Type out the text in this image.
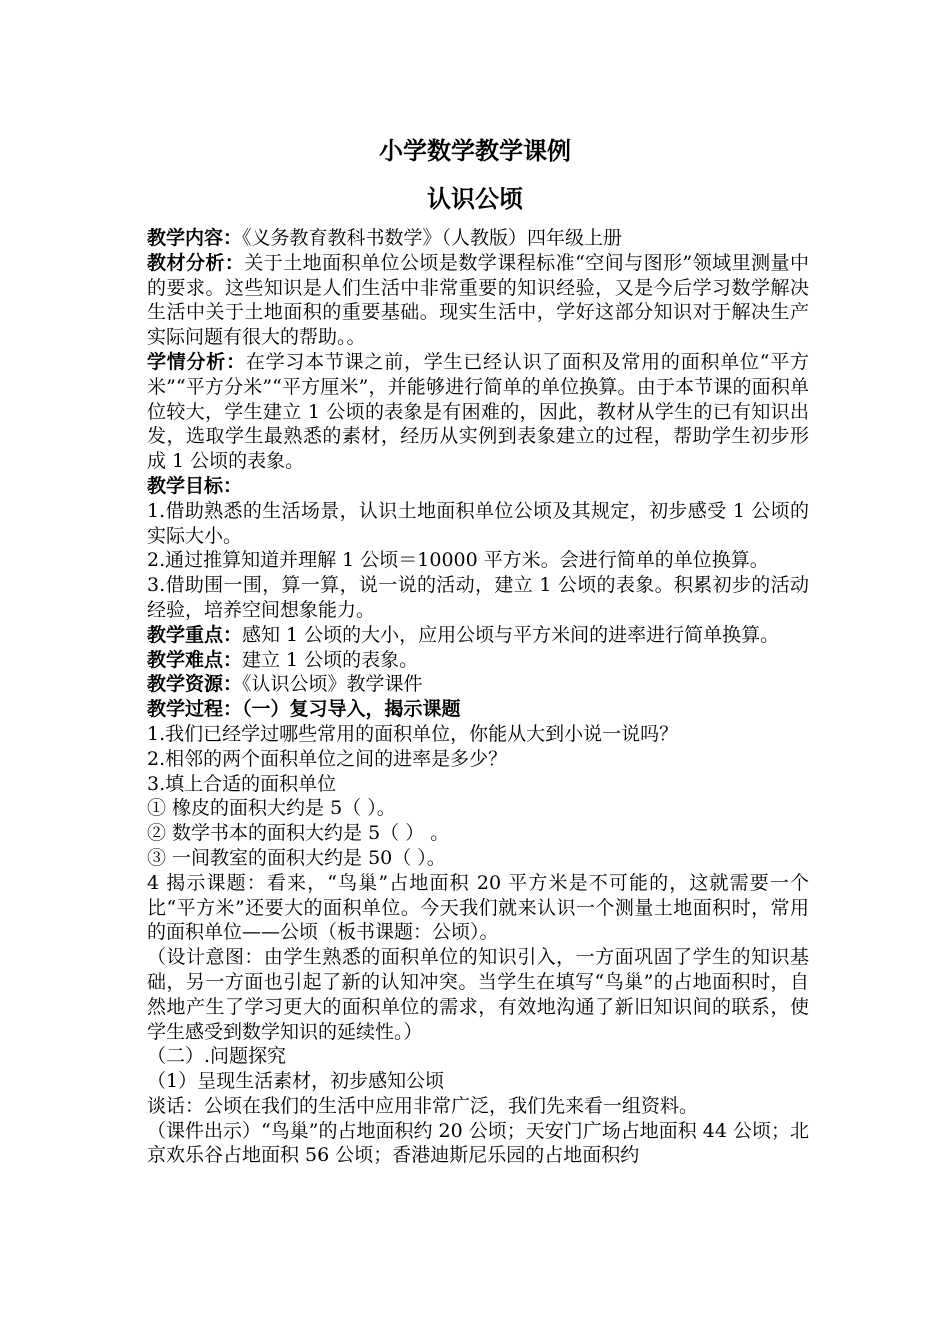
小学数学教学课例
认识公顷

教学内容：《义务教育教科书数学》（人教版）四年级上册

教材分析：关于土地面积单位公顷是数学课程标准“空间与图形”领域里测量中的要求。这些知识是人们生活中非常重要的知识经验，又是今后学习数学解决生活中关于土地面积的重要基础。现实生活中，学好这部分知识对于解决生产实际问题有很大的帮助。。

学情分析：在学习本节课之前，学生已经认识了面积及常用的面积单位“平方米”“平方分米”“平方厘米”，并能够进行简单的单位换算。由于本节课的面积单位较大，学生建立 1 公顷的表象是有困难的，因此，教材从学生的已有知识出发，选取学生最熟悉的素材，经历从实例到表象建立的过程，帮助学生初步形成 1 公顷的表象。

教学目标：

1.借助熟悉的生活场景，认识土地面积单位公顷及其规定，初步感受 1 公顷的实际大小。

2.通过推算知道并理解 1 公顷＝10000 平方米。会进行简单的单位换算。

3.借助围一围，算一算，说一说的活动，建立 1 公顷的表象。积累初步的活动经验，培养空间想象能力。

教学重点：感知 1 公顷的大小，应用公顷与平方米间的进率进行简单换算。

教学难点：建立 1 公顷的表象。

教学资源：《认识公顷》教学课件

教学过程：（一）复习导入，揭示课题

1.我们已经学过哪些常用的面积单位，你能从大到小说一说吗？

2.相邻的两个面积单位之间的进率是多少？

3.填上合适的面积单位

① 橡皮的面积大约是 5（ ）。

② 数学书本的面积大约是 5（ ） 。

③ 一间教室的面积大约是 50（ ）。

4 揭示课题：看来，“鸟巢”占地面积 20 平方米是不可能的，这就需要一个比“平方米”还要大的面积单位。今天我们就来认识一个测量土地面积时，常用的面积单位——公顷（板书课题：公顷）。

（设计意图：由学生熟悉的面积单位的知识引入，一方面巩固了学生的知识基础，另一方面也引起了新的认知冲突。当学生在填写“鸟巢”的占地面积时，自然地产生了学习更大的面积单位的需求，有效地沟通了新旧知识间的联系，使学生感受到数学知识的延续性。）

（二）.问题探究

（1）呈现生活素材，初步感知公顷

谈话：公顷在我们的生活中应用非常广泛，我们先来看一组资料。

（课件出示）“鸟巢”的占地面积约 20 公顷；天安门广场占地面积 44 公顷；北京欢乐谷占地面积 56 公顷；香港迪斯尼乐园的占地面积约
